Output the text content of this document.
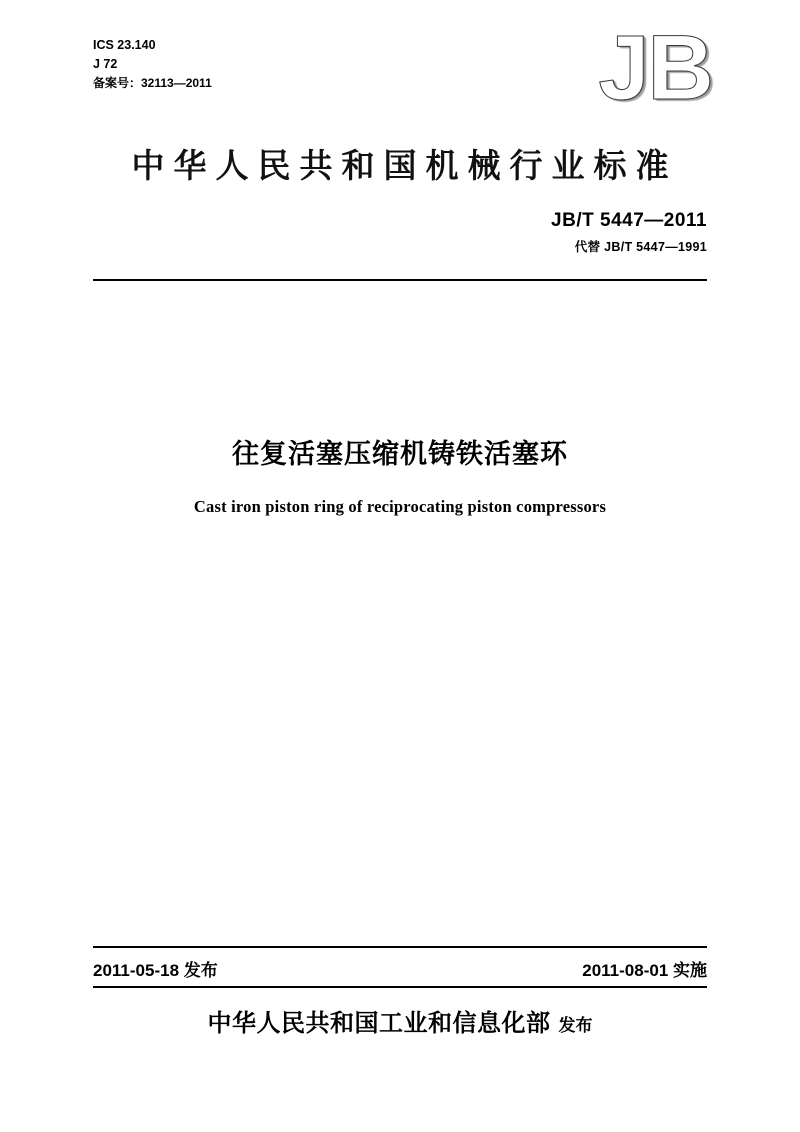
ICS 23.140
J 72
备案号：32113—2011	JB
中华人民共和国机械行业标准
JB/T 5447—2011
代替 JB/T 5447—1991
往复活塞压缩机铸铁活塞环
Cast iron piston ring of reciprocating piston compressors
2011-05-18 发布	2011-08-01 实施
中华人民共和国工业和信息化部 发布
